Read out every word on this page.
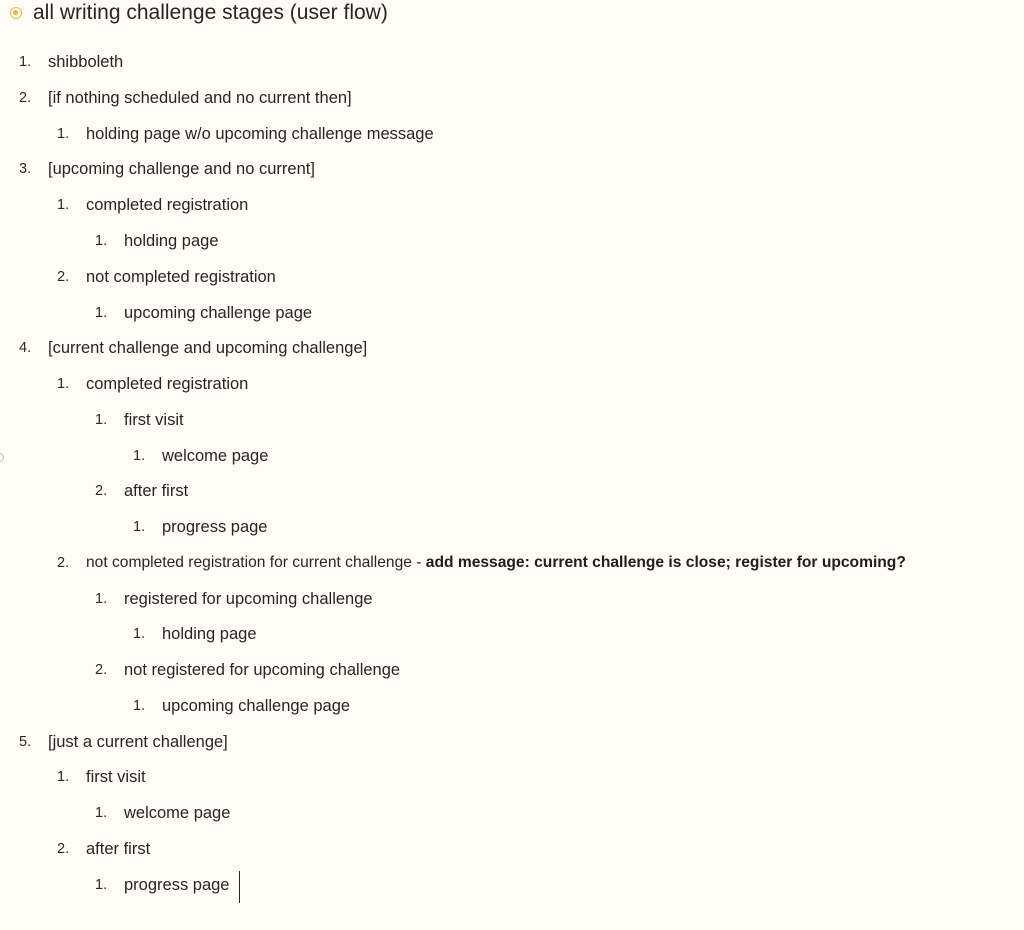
all writing challenge stages (user flow)
1. shibboleth
2. [if nothing scheduled and no current then]
1. holding page w/o upcoming challenge message
3. [upcoming challenge and no current]
1. completed registration
1. holding page
2. not completed registration
1. upcoming challenge page
4. [current challenge and upcoming challenge]
1. completed registration
1. first visit
1. welcome page
2. after first
1. progress page
2. not completed registration for current challenge - add message: current challenge is close; register for upcoming?
1. registered for upcoming challenge
1. holding page
2. not registered for upcoming challenge
1. upcoming challenge page
5. [just a current challenge]
1. first visit
1. welcome page
2. after first
1. progress page
